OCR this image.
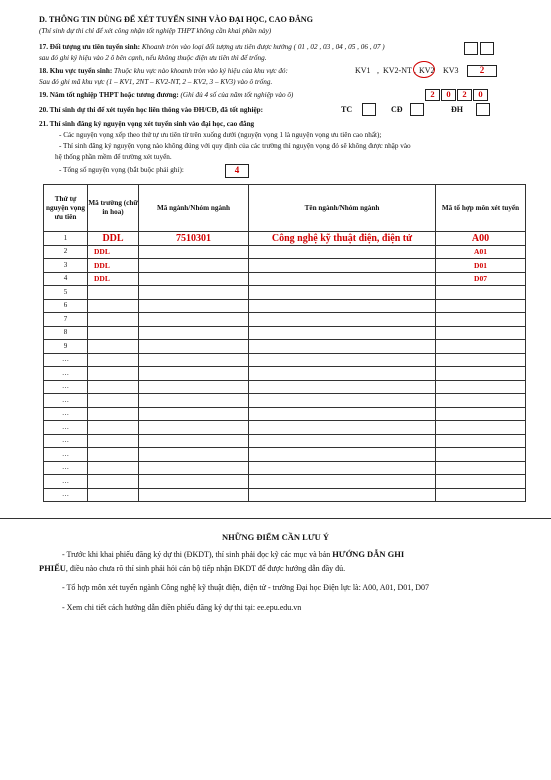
D. THÔNG TIN DÙNG ĐỂ XÉT TUYỂN SINH VÀO ĐẠI HỌC, CAO ĐẲNG
(Thí sinh dự thi chỉ để xét công nhận tốt nghiệp THPT không cần khai phần này)
17. Đối tượng ưu tiên tuyển sinh: Khoanh tròn vào loại đối tượng ưu tiên được hưởng ( 01 , 02 , 03 , 04 , 05 , 06 , 07 )
sau đó ghi ký hiệu vào 2 ô bên cạnh, nếu không thuộc diện ưu tiên thì để trống.
18. Khu vực tuyển sinh: Thuộc khu vực nào khoanh tròn vào ký hiệu của khu vực đó:	KV1 , KV2-NT , KV2 KV3	2
Sau đó ghi mã khu vực (1 – KV1, 2NT – KV2-NT, 2 – KV2, 3 – KV3) vào ô trống.
19. Năm tốt nghiệp THPT hoặc tương đương: (Ghi đủ 4 số của năm tốt nghiệp vào ô)	2	0	2	0
20. Thí sinh dự thi để xét tuyển học liên thông vào ĐH/CĐ, đã tốt nghiệp:	TC	CĐ	ĐH
21. Thí sinh đăng ký nguyện vọng xét tuyển sinh vào đại học, cao đẳng
- Các nguyện vọng xếp theo thứ tự ưu tiên từ trên xuống dưới (nguyện vọng 1 là nguyện vọng ưu tiên cao nhất);
- Thí sinh đăng ký nguyện vọng nào không đúng với quy định của các trường thì nguyện vọng đó sẽ không được nhập vào
hệ thống phần mềm để trường xét tuyển.
- Tổng số nguyện vọng (bắt buộc phải ghi):	4
Thứ tự nguyện vọng ưu tiên	Mã trường (chữ in hoa)	Mã ngành/Nhóm ngành	Tên ngành/Nhóm ngành	Mã tổ hợp môn xét tuyển
1	DDL	7510301	Công nghệ kỹ thuật điện, điện tử	A00
2	DDL			A01
3	DDL			D01
4	DDL			D07
5				
6				
7				
8				
9				
…				
…				
…				
…				
…				
…				
…				
…				
…				
…				
…				
NHỮNG ĐIỂM CẦN LƯU Ý
- Trước khi khai phiếu đăng ký dự thi (ĐKDT), thí sinh phải đọc kỹ các mục và bản HƯỚNG DẪN GHI
PHIẾU, điều nào chưa rõ thí sinh phải hỏi cán bộ tiếp nhận ĐKDT để được hướng dẫn đầy đủ.
- Tổ hợp môn xét tuyển ngành Công nghệ kỹ thuật điện, điện tử - trường Đại học Điện lực là: A00, A01, D01, D07
- Xem chi tiết cách hướng dẫn điền phiếu đăng ký dự thi tại: ee.epu.edu.vn
